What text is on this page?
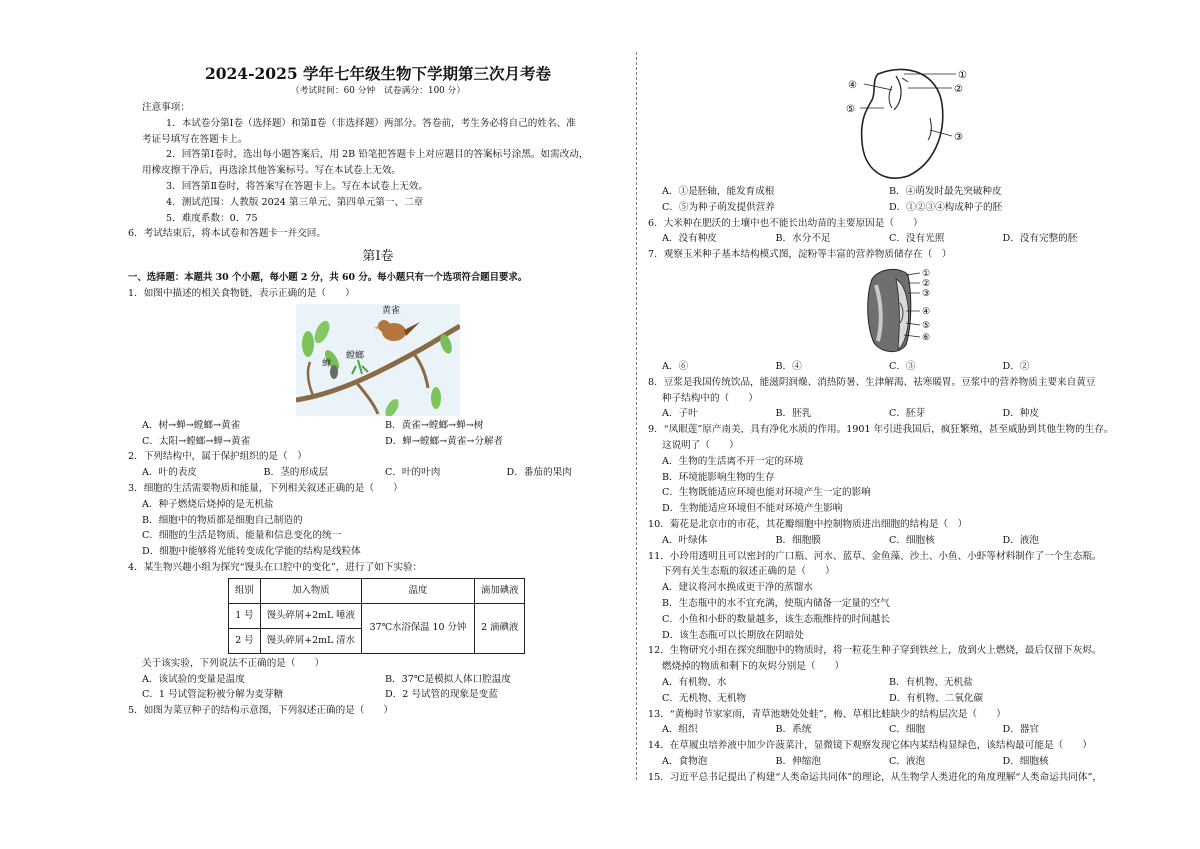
2024-2025 学年七年级生物下学期第三次月考卷
（考试时间：60 分钟　试卷满分：100 分）
注意事项：
1．本试卷分第Ⅰ卷（选择题）和第Ⅱ卷（非选择题）两部分。答卷前，考生务必将自己的姓名、准
考证号填写在答题卡上。
2．回答第Ⅰ卷时，选出每小题答案后，用 2B 铅笔把答题卡上对应题目的答案标号涂黑。如需改动，
用橡皮擦干净后，再选涂其他答案标号。写在本试卷上无效。
3．回答第Ⅱ卷时，将答案写在答题卡上。写在本试卷上无效。
4．测试范围：人教版 2024 第三单元、第四单元第一、二章
5．难度系数：0．75
6．考试结束后，将本试卷和答题卡一并交回。
第Ⅰ卷
一、选择题：本题共 30 个小题，每小题 2 分，共 60 分。每小题只有一个选项符合题目要求。
1．如图中描述的相关食物链，表示正确的是（　　）
黄雀
蝉
螳螂
A．树→蝉→螳螂→黄雀	B．黄雀→螳螂→蝉→树
C．太阳→螳螂→蝉→黄雀	D．蝉→螳螂→黄雀→分解者
2．下列结构中，属于保护组织的是（　）
A．叶的表皮	B．茎的形成层	C．叶的叶肉	D．番茄的果肉
3．细胞的生活需要物质和能量，下列相关叙述正确的是（　　）
A．种子燃烧后烧掉的是无机盐
B．细胞中的物质都是细胞自己制造的
C．细胞的生活是物质、能量和信息变化的统一
D．细胞中能够将光能转变成化学能的结构是线粒体
4．某生物兴趣小组为探究“馒头在口腔中的变化”，进行了如下实验：
组别	加入物质	温度	滴加碘液
1 号	馒头碎屑+2mL 唾液	37℃水浴保温 10 分钟	2 滴碘液
2 号	馒头碎屑+2mL 清水		
关于该实验，下列说法不正确的是（　　）
A．该试验的变量是温度	B．37℃是模拟人体口腔温度
C．1 号试管淀粉被分解为麦芽糖	D．2 号试管的现象是变蓝
5．如图为菜豆种子的结构示意图，下列叙述正确的是（　　）
①
②
③
④
⑤
A．①是胚轴，能发育成根	B．④萌发时最先突破种皮
C．⑤为种子萌发提供营养	D．①②③④构成种子的胚
6．大米种在肥沃的土壤中也不能长出幼苗的主要原因是（　　）
A．没有种皮	B．水分不足	C．没有光照	D．没有完整的胚
7．观察玉米种子基本结构模式图，淀粉等丰富的营养物质储存在（　）
①
②
③
④
⑤
⑥
A．⑥	B．④	C．③	D．②
8．豆浆是我国传统饮品，能滋阴润燥、消热防暑、生津解渴、祛寒暖胃。豆浆中的营养物质主要来自黄豆
种子结构中的（　　）
A．子叶	B．胚乳	C．胚芽	D．种皮
9．“凤眼莲”原产南美，具有净化水质的作用。1901 年引进我国后，疯狂繁殖，甚至威胁到其他生物的生存。
这说明了（　　）
A．生物的生活离不开一定的环境
B．环境能影响生物的生存
C．生物既能适应环境也能对环境产生一定的影响
D．生物能适应环境但不能对环境产生影响
10．菊花是北京市的市花，其花瓣细胞中控制物质进出细胞的结构是（　）
A．叶绿体	B．细胞膜	C．细胞核	D．液泡
11．小玲用透明且可以密封的广口瓶、河水、蓝草、金鱼藻、沙土、小鱼、小虾等材料制作了一个生态瓶。
下列有关生态瓶的叙述正确的是（　　）
A．建议将河水换成更干净的蒸馏水
B．生态瓶中的水不宜充满，使瓶内储备一定量的空气
C．小鱼和小虾的数量越多，该生态瓶维持的时间越长
D．该生态瓶可以长期放在阴暗处
12．生物研究小组在探究细胞中的物质时，将一粒花生种子穿到铁丝上，放到火上燃烧，最后仅留下灰烬。
燃烧掉的物质和剩下的灰烬分别是（　　）
A．有机物、水	B．有机物、无机盐
C．无机物、无机物	D．有机物、二氧化碳
13．“黄梅时节家家雨，青草池塘处处蛙”，梅、草相比蛙缺少的结构层次是（　　）
A．组织	B．系统	C．细胞	D．器官
14．在草履虫培养液中加少许菠菜汁，显微镜下观察发现它体内某结构显绿色，该结构最可能是（　　）
A．食物泡	B．伸缩泡	C．液泡	D．细胞核
15．习近平总书记提出了构建“人类命运共同体”的理论，从生物学人类进化的角度理解“人类命运共同体”，
